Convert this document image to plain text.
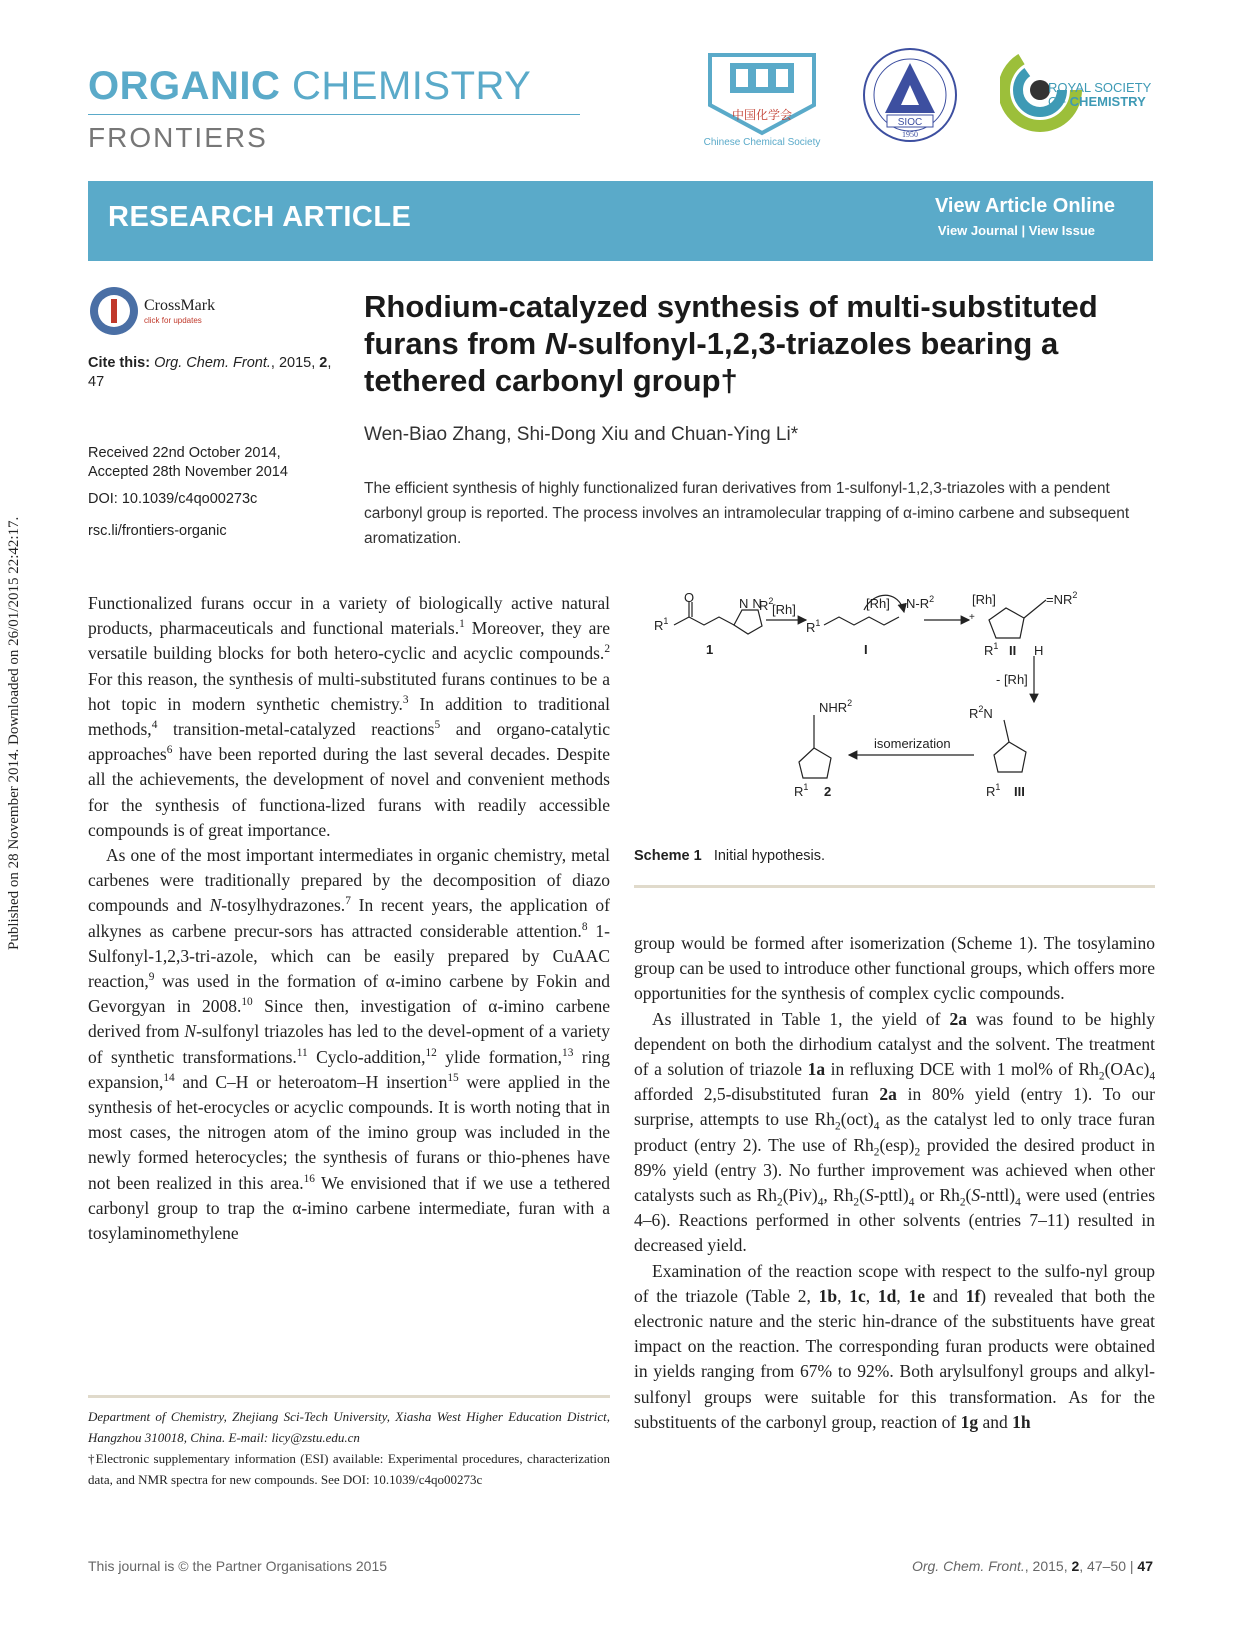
ORGANIC CHEMISTRY
FRONTIERS
中国化学会
Chinese Chemical Society
SIOC
1950
ROYAL SOCIETY
OF CHEMISTRY
RESEARCH ARTICLE	View Article Online
View Journal | View Issue
CrossMark
click for updates
Cite this: Org. Chem. Front., 2015, 2, 47
Received 22nd October 2014,
Accepted 28th November 2014
DOI: 10.1039/c4qo00273c
rsc.li/frontiers-organic
Rhodium-catalyzed synthesis of multi-substituted
furans from N-sulfonyl-1,2,3-triazoles bearing a
tethered carbonyl group†
Wen-Biao Zhang, Shi-Dong Xiu and Chuan-Ying Li*
The efficient synthesis of highly functionalized furan derivatives from 1-sulfonyl-1,2,3-triazoles with a pendent carbonyl group is reported. The process involves an intramolecular trapping of α-imino carbene and subsequent aromatization.
Published on 28 November 2014. Downloaded on 26/01/2015 22:42:17.	Functionalized furans occur in a variety of biologically active natural products, pharmaceuticals and functional materials.$^1$ Moreover, they are versatile building blocks for both hetero-cyclic and acyclic compounds.$^2$ For this reason, the synthesis of multi-substituted furans continues to be a hot topic in modern synthetic chemistry.$^3$ In addition to traditional methods,$^4$ transition-metal-catalyzed reactions$^5$ and organo-catalytic approaches$^6$ have been reported during the last several decades. Despite all the achievements, the development of novel and convenient methods for the synthesis of functiona-lized furans with readily accessible compounds is of great importance.

As one of the most important intermediates in organic chemistry, metal carbenes were traditionally prepared by the decomposition of diazo compounds and N-tosylhydrazones.$^7$ In recent years, the application of alkynes as carbene precur-sors has attracted considerable attention.$^8$ 1-Sulfonyl-1,2,3-tri-azole, which can be easily prepared by CuAAC reaction,$^9$ was used in the formation of α-imino carbene by Fokin and Gevorgyan in 2008.10 Since then, investigation of α-imino carbene derived from N-sulfonyl triazoles has led to the devel-opment of a variety of synthetic transformations.$^{11}$ Cyclo-addition,$^{12}$ ylide formation,$^{13}$ ring expansion,$^{14}$ and C–H or heteroatom–H insertion$^{15}$ were applied in the synthesis of het-erocycles or acyclic compounds. It is worth noting that in most cases, the nitrogen atom of the imino group was included in the newly formed heterocycles; the synthesis of furans or thio-phenes have not been realized in this area.$^{16}$ We envisioned that if we use a tethered carbonyl group to trap the α-imino carbene intermediate, furan with a tosylaminomethylene

Department of Chemistry, Zhejiang Sci-Tech University, Xiasha West Higher Education District, Hangzhou 310018, China. E-mail: licy@zstu.edu.cn
†Electronic supplementary information (ESI) available: Experimental procedures, characterization data, and NMR spectra for new compounds. See DOI: 10.1039/c4qo00273c
$R^1$
O	N N
$R^2$
1
[Rh]
$R^1$
[Rh] $N-R^2$
I
[Rh]
+
$=NR^2$
$R^1$ II H
- [Rh]
$R^2N$
isomerization
NHR$^2$
$R^1$ 2	$R^1$ III
Scheme 1 Initial hypothesis.

group would be formed after isomerization (Scheme 1). The tosylamino group can be used to introduce other functional groups, which offers more opportunities for the synthesis of complex cyclic compounds.

As illustrated in Table 1, the yield of 2a was found to be highly dependent on both the dirhodium catalyst and the solvent. The treatment of a solution of triazole 1a in refluxing DCE with 1 mol% of $Rh_2(OAc)_4$ afforded 2,5-disubstituted furan 2a in 80% yield (entry 1). To our surprise, attempts to use $Rh_2(oct)_4$ as the catalyst led to only trace furan product (entry 2). The use of $Rh_2(esp)_2$ provided the desired product in 89% yield (entry 3). No further improvement was achieved when other catalysts such as $Rh_2(Piv)_4$, $Rh_2(S-pttl)_4$ or $Rh_2(S-nttl)_4$ were used (entries 4–6). Reactions performed in other solvents (entries 7–11) resulted in decreased yield.

Examination of the reaction scope with respect to the sulfo-nyl group of the triazole (Table 2, 1b, 1c, 1d, 1e and 1f) revealed that both the electronic nature and the steric hin-drance of the substituents have great impact on the reaction. The corresponding furan products were obtained in yields ranging from 67% to 92%. Both arylsulfonyl groups and alkyl-sulfonyl groups were suitable for this transformation. As for the substituents of the carbonyl group, reaction of 1g and 1h

This journal is © the Partner Organisations 2015	Org. Chem. Front., 2015, 2, 47–50 | 47
